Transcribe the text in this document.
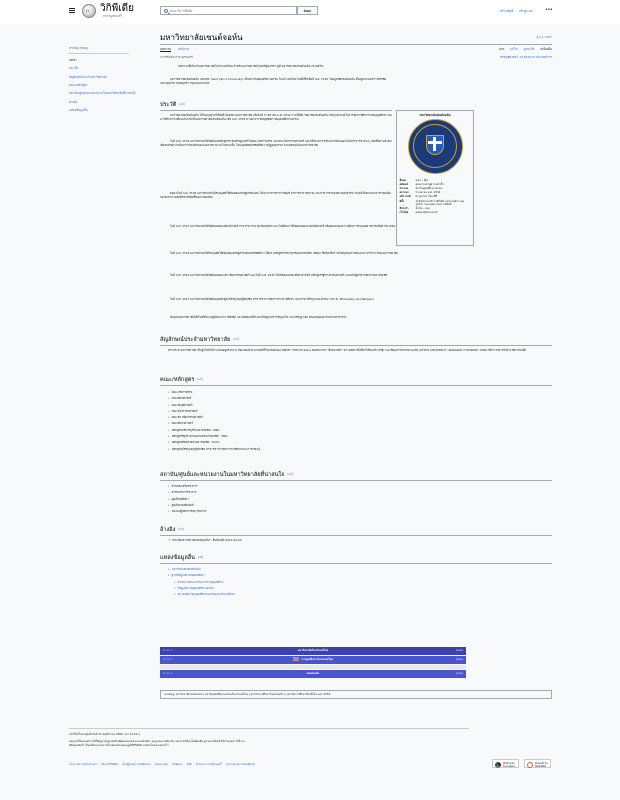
Ω วิกิพีเดีย
สารานุกรมเสรี
ค้นหาใน วิกิพีเดีย
ค้นหา	สร้างบัญชี เข้าสู่ระบบ	•••
สารบัญ [ซ่อน]
บทนำ
ประวัติ
สัญลักษณ์ประจำมหาวิทยาลัย
คณะ/หลักสูตร
สถาบัน/ศูนย์และหน่วยงานในมหาวิทยาลัยที่น่าสนใจ
อ้างอิง
แหล่งข้อมูลอื่น
มหาวิทยาลัยเซนต์จอห์น	文A 1 ภาษา
บทความ อภิปราย	อ่าน แก้ไข ดูประวัติ เครื่องมือ
จากวิกิพีเดีย สารานุกรมเสรี	พิกัดภูมิศาสตร์: 13.8120°N 100.5663°E
บทความนี้เกี่ยวกับมหาวิทยาลัยในประเทศไทย สำหรับมหาวิทยาลัยในสหรัฐอเมริกา ดูที่ มหาวิทยาลัยเซนต์จอห์น (นิวยอร์ก)
มหาวิทยาลัยเซนต์จอห์น (อังกฤษ: Saint John's University) เป็นสถาบันอุดมศึกษาเอกชน ในประเทศไทย ก่อตั้งขึ้นเมื่อปี พ.ศ. 2532 โดยมูลนิธิเซนต์จอห์น ตั้งอยู่บนถนนวิภาวดีรังสิต แขวงจตุจักร เขตจตุจักร กรุงเทพมหานคร
ประวัติ [แก้]
มหาวิทยาลัยเซนต์จอห์น ได้รับอนุญาตให้จัดตั้งโดยทบวงมหาวิทยาลัย เมื่อวันที่ 5 เมษายน พ.ศ. 2532 ภายใต้ชื่อ วิทยาลัยเซนต์จอห์น มีวัตถุประสงค์ในการจัดการศึกษาระดับอุดมศึกษา ต่อมาได้รับการเปลี่ยนประเภทเป็นมหาวิทยาลัยเซนต์จอห์น เมื่อ พ.ศ. 2535 ตามพระราชบัญญัติสถาบันอุดมศึกษาเอกชน
ในปี พ.ศ. 2534 มหาวิทยาลัยได้เปิดสอนหลักสูตรระดับปริญญาตรีในคณะบริหารธุรกิจ และคณะวิศวกรรมศาสตร์ และได้ขยายการเรียนการสอนออกไปยังสาขาวิชาต่างๆ เพิ่มขึ้นตามลำดับ เพื่อรองรับความต้องการของสังคมและตลาดแรงงานในขณะนั้น โดยมุ่งผลิตบัณฑิตที่มีความรู้คู่คุณธรรม ตามคติพจน์ของมหาวิทยาลัย
ต่อมาในปี พ.ศ. 2536 มหาวิทยาลัยได้รับอนุมัติให้เปิดสอนหลักสูตรเพิ่มเติม ได้แก่ สาขาวิชาการบัญชี สาขาวิชาการตลาด และสาขาวิชาคอมพิวเตอร์ธุรกิจ รวมถึงได้ขยายอาคารเรียนเพื่อรองรับจำนวนนักศึกษาที่เพิ่มขึ้นอย่างต่อเนื่อง
ในปี พ.ศ. 2537 มหาวิทยาลัยได้เปิดสอนคณะศิลปศาสตร์ สาขาวิชาภาษาอังกฤษธุรกิจ และในปีถัดมาได้เปิดสอนคณะนิเทศศาสตร์ เพื่อตอบสนองความต้องการของอุตสาหกรรมสื่อสารมวลชน
ในปี พ.ศ. 2539 มหาวิทยาลัยได้รับอนุมัติให้เปิดสอนหลักสูตรระดับบัณฑิตศึกษา ได้แก่ หลักสูตรบริหารธุรกิจมหาบัณฑิต (MBA) ซึ่งถือเป็นก้าวสำคัญของการพัฒนาทางวิชาการของมหาวิทยาลัย
ในปี พ.ศ. 2544 มหาวิทยาลัยได้เปิดสอนคณะสถาปัตยกรรมศาสตร์ และในปี พ.ศ. 2545 ได้เปิดสอนคณะศึกษาศาสตร์ หลักสูตรรัฐประศาสนศาสตร์ และหลักสูตรการจัดการมหาบัณฑิต
ในปี พ.ศ. 2547 มหาวิทยาลัยได้เปิดสอนหลักสูตรปรัชญาดุษฎีบัณฑิต สาขาวิชาการจัดการทางการศึกษา และสาขาปรัชญาและศาสนา (Ph.D. Philosophy and Religion)
ปัจจุบันมหาวิทยาลัยได้ย้ายที่ตั้งมาอยู่ที่ถนนวิภาวดีรังสิต และเปิดสอนทั้งระดับปริญญาตรี ปริญญาโท และปริญญาเอก ครอบคลุมหลากหลายสาขาวิชา
สัญลักษณ์ประจำมหาวิทยาลัย [แก้]
ตราประจำมหาวิทยาลัย เป็นรูปโล่มีไม้กางเขนอยู่ตรงกลาง ล้อมรอบด้วยวงกลมสีน้ำเงินขอบทอง มีอักษร "VIRTUS SOLA NOBILITAT" ซึ่งหมายถึง "ความดีเท่านั้นที่ทำให้คนประเสริฐ" และชื่อมหาวิทยาลัย SAINT JOHN'S UNIVERSITY, BANGKOK (FOUNDED 1989) ที่มีการกล่าวถึงประวัติการก่อตั้ง
คณะ/หลักสูตร [แก้]
• คณะบริหารธุรกิจ
• คณะศิลปศาสตร์
• คณะนิเทศศาสตร์
• คณะวิศวกรรมศาสตร์
• คณะสถาปัตยกรรมศาสตร์
• คณะศึกษาศาสตร์
• หลักสูตรบริหารธุรกิจมหาบัณฑิต : MBA
• หลักสูตรรัฐประศาสนศาสตรมหาบัณฑิต : MPA
• หลักสูตรศิลปศาสตรมหาบัณฑิต : M.Ed.
• หลักสูตรปรัชญาดุษฎีบัณฑิต สาขาวิชาการจัดการการศึกษาและการเรียนรู้
สถาบัน/ศูนย์และหน่วยงานในมหาวิทยาลัยที่น่าสนใจ [แก้]
• สำนักส่งเสริมวิชาการ
• สำนักบริการวิชาการ
• ศูนย์ไทยศึกษา
• ศูนย์ชุมชนสัมพันธ์
• หน่วยปฏิบัติการวิทยุ วิทยากร
อ้างอิง [แก้]
↑ "ประวัติมหาวิทยาลัยเซนต์จอห์น". สืบค้นเมื่อ 2011-04-20
แหล่งข้อมูลอื่น [แก้]
• มหาวิทยาลัยเซนต์จอห์น
• ฐานข้อมูลสถาบันอุดมศึกษา
• สำนักงานคณะกรรมการการอุดมศึกษา
• ข้อมูลสถาบันอุดมศึกษาเอกชน
• สมาคมสถาบันอุดมศึกษาเอกชนแห่งประเทศไทย
ด • พ • ก	มหาวิทยาลัยในประเทศไทย	[แสดง]
ด • พ • ก	การอุดมศึกษาในประเทศไทย	[แสดง]
ด • พ • ก	เซนต์จอห์น	[แสดง]
หมวดหมู่: มหาวิทยาลัยเซนต์จอห์น | สถาบันอุดมศึกษาเอกชนในประเทศไทย | สถาบันการศึกษาในเขตจตุจักร | สถาบันการศึกษาที่ก่อตั้งใน พ.ศ. 2532
มหาวิทยาลัยเซนต์จอห์น
ชื่อย่อ	มซจ. / SJU
คติพจน์	คุณธรรมนำสู่ความสำเร็จ
ประเภท	สถาบันอุดมศึกษาเอกชน
สถาปนา	5 เมษายน พ.ศ. 2532
อธิการบดี	ดร.สุภาพร กัลยาศิริ
ที่ตั้ง	1110/9 ถนนวิภาวดีรังสิต แขวงจตุจักร เขตจตุจักร กรุงเทพมหานคร 10900
สีประจำ	น้ำเงิน - ทอง
เว็บไซต์	www.stjohn.ac.th
หน้านี้แก้ไขล่าสุดเมื่อวันที่ 11 พฤศจิกายน 2566 เวลา 13:19 น.
อนุญาตให้เผยแพร่ภายใต้สัญญาอนุญาตครีเอทีฟคอมมอนส์ แบบแสดงที่มา-อนุญาตแบบเดียวกัน และอาจมีเงื่อนไขเพิ่มเติม ดูรายละเอียดที่ ข้อกำหนดการใช้งาน
Wikipedia® เป็นเครื่องหมายการค้าจดทะเบียนของมูลนิธิวิกิมีเดีย องค์กรไม่แสวงผลกำไร
นโยบายความเป็นส่วนตัว เกี่ยวกับวิกิพีเดีย ข้อปฏิเสธความรับผิดชอบ ตัวอย่างเช่น นักพัฒนา สถิติ คำแถลงการณ์เรื่องคุกกี้ รุ่นสำหรับอุปกรณ์เคลื่อนที่	Wikimedia Foundation
Powered by MediaWiki
